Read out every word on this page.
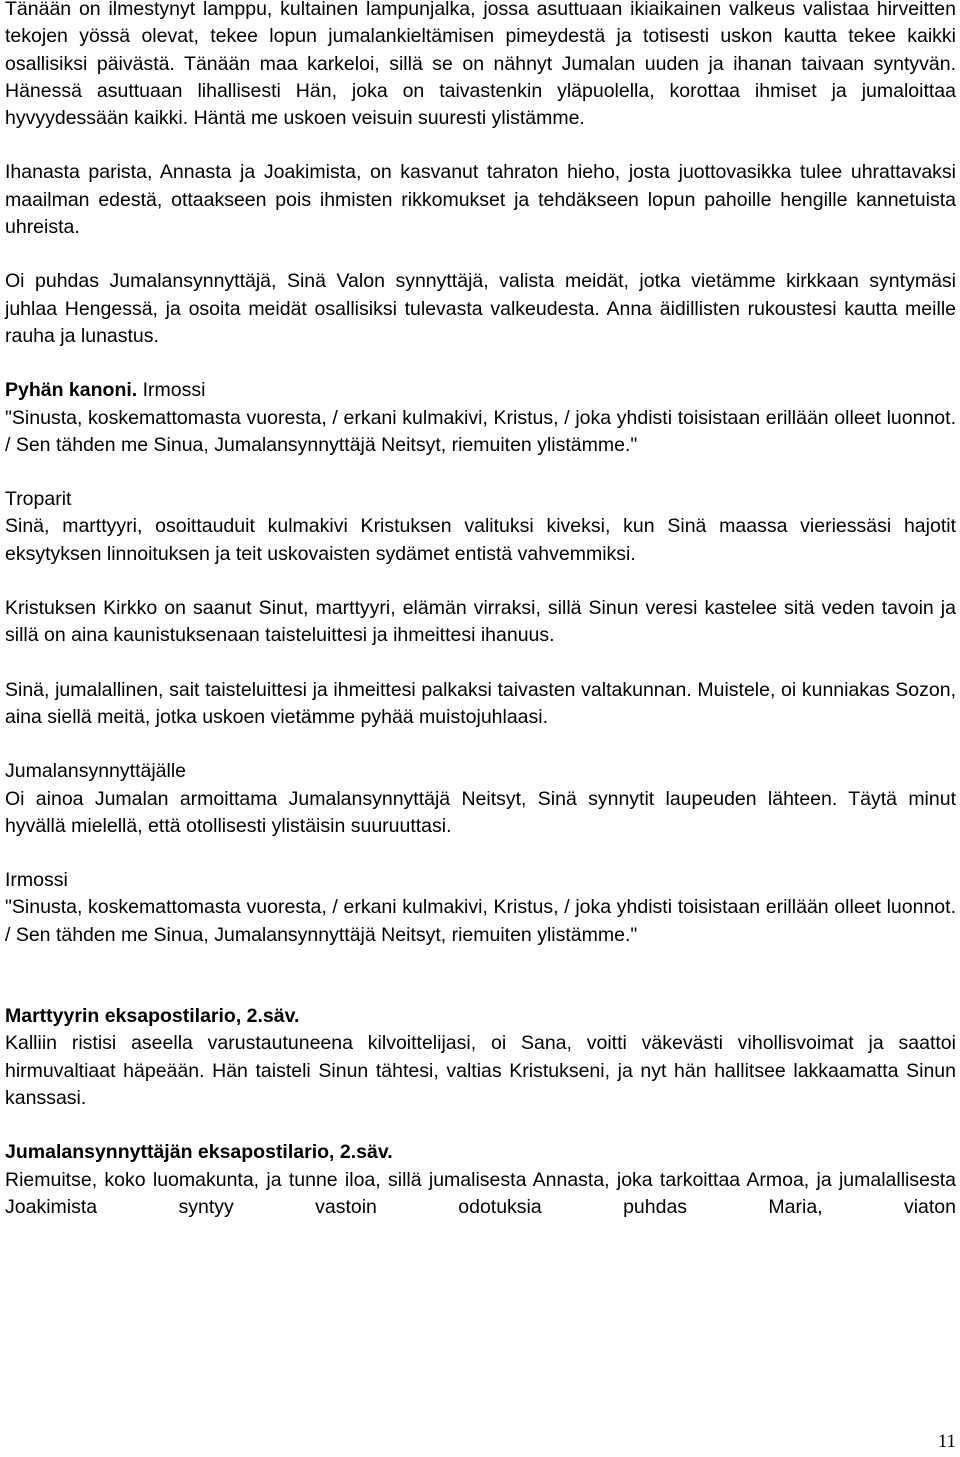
Tänään on ilmestynyt lamppu, kultainen lampunjalka, jossa asuttuaan ikiaikainen valkeus valistaa hirveitten tekojen yössä olevat, tekee lopun jumalankieltämisen pimeydestä ja totisesti uskon kautta tekee kaikki osallisiksi päivästä. Tänään maa karkeloi, sillä se on nähnyt Jumalan uuden ja ihanan taivaan syntyvän. Hänessä asuttuaan lihallisesti Hän, joka on taivastenkin yläpuolella, korottaa ihmiset ja jumaloittaa hyvyydessään kaikki. Häntä me uskoen veisuin suuresti ylistämme.

Ihanasta parista, Annasta ja Joakimista, on kasvanut tahraton hieho, josta juottovasikka tulee uhrattavaksi maailman edestä, ottaakseen pois ihmisten rikkomukset ja tehdäkseen lopun pahoille hengille kannetuista uhreista.

Oi puhdas Jumalansynnyttäjä, Sinä Valon synnyttäjä, valista meidät, jotka vietämme kirkkaan syntymäsi juhlaa Hengessä, ja osoita meidät osallisiksi tulevasta valkeudesta. Anna äidillisten rukoustesi kautta meille rauha ja lunastus.

Pyhän kanoni. Irmossi

"Sinusta, koskemattomasta vuoresta, / erkani kulmakivi, Kristus, / joka yhdisti toisistaan erillään olleet luonnot. / Sen tähden me Sinua, Jumalansynnyttäjä Neitsyt, riemuiten ylistämme."

Troparit

Sinä, marttyyri, osoittauduit kulmakivi Kristuksen valituksi kiveksi, kun Sinä maassa vieriessäsi hajotit eksytyksen linnoituksen ja teit uskovaisten sydämet entistä vahvemmiksi.

Kristuksen Kirkko on saanut Sinut, marttyyri, elämän virraksi, sillä Sinun veresi kastelee sitä veden tavoin ja sillä on aina kaunistuksenaan taisteluittesi ja ihmeittesi ihanuus.

Sinä, jumalallinen, sait taisteluittesi ja ihmeittesi palkaksi taivasten valtakunnan. Muistele, oi kunniakas Sozon, aina siellä meitä, jotka uskoen vietämme pyhää muistojuhlaasi.

Jumalansynnyttäjälle

Oi ainoa Jumalan armoittama Jumalansynnyttäjä Neitsyt, Sinä synnytit laupeuden lähteen. Täytä minut hyvällä mielellä, että otollisesti ylistäisin suuruuttasi.

Irmossi

"Sinusta, koskemattomasta vuoresta, / erkani kulmakivi, Kristus, / joka yhdisti toisistaan erillään olleet luonnot. / Sen tähden me Sinua, Jumalansynnyttäjä Neitsyt, riemuiten ylistämme."

Marttyyrin eksapostilario, 2.säv.

Kalliin ristisi aseella varustautuneena kilvoittelijasi, oi Sana, voitti väkevästi vihollisvoimat ja saattoi hirmuvaltiaat häpeään. Hän taisteli Sinun tähtesi, valtias Kristukseni, ja nyt hän hallitsee lakkaamatta Sinun kanssasi.

Jumalansynnyttäjän eksapostilario, 2.säv.

Riemuitse, koko luomakunta, ja tunne iloa, sillä jumalisesta Annasta, joka tarkoittaa Armoa, ja jumalallisesta Joakimista syntyy vastoin odotuksia puhdas Maria, viaton

11
